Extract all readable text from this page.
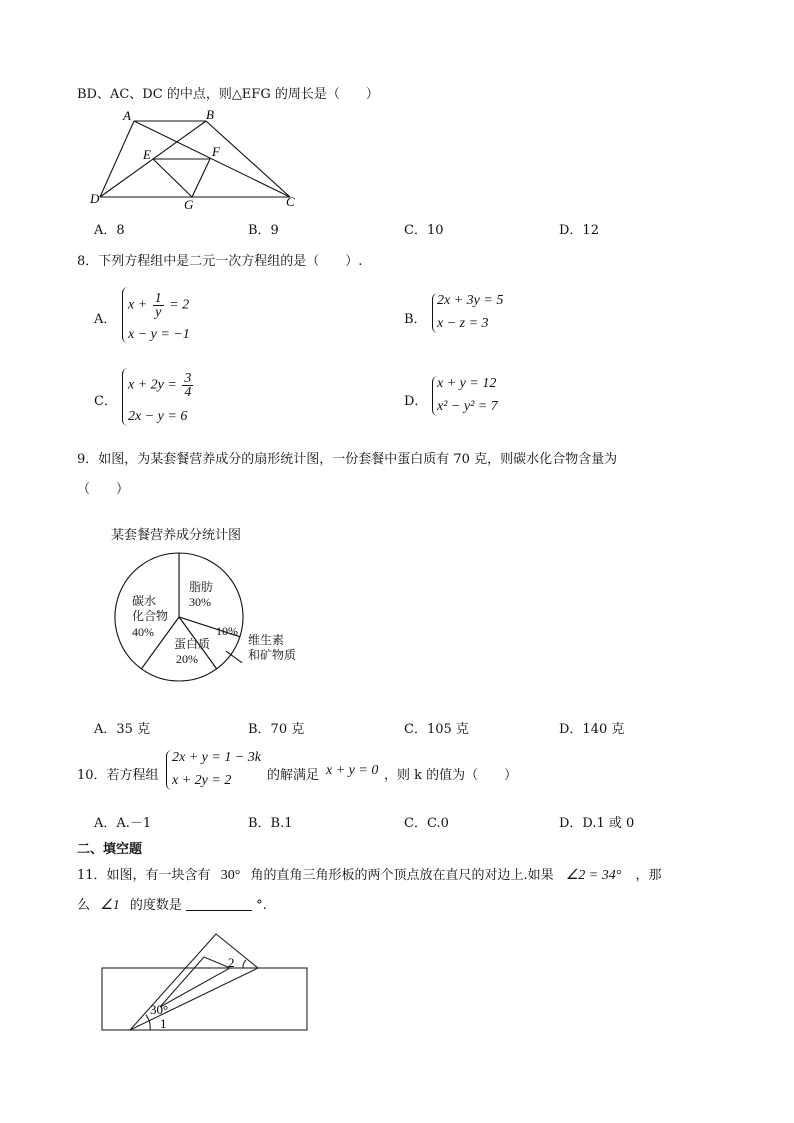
BD、AC、DC 的中点，则△EFG 的周长是（　　）
A	B
D	C
E	F
G
A．8	B．9	C．10	D．12
8．下列方程组中是二元一次方程组的是（　　）.
A．
$x + \frac{1}{y} = 2$
x − y = −1
B．
2x + 3y = 5
x − z = 3
C．
$x + 2y = \frac{3}{4}$
2x − y = 6
D．
x + y = 12
x² − y² = 7
9．如图，为某套餐营养成分的扇形统计图，一份套餐中蛋白质有 70 克，则碳水化合物含量为
（　　）
某套餐营养成分统计图
脂肪
30%
碳水
化合物
40%
蛋白质
20%
10%
维生素
和矿物质
A．35 克	B．70 克	C．105 克	D．140 克
10．若方程组
2x + y = 1 − 3k
x + 2y = 2	的解满足 x + y = 0 ，则 k 的值为（　　）
A．A.－1	B．B.1	C．C.0	D．D.1 或 0
二、填空题
11．如图，有一块含有 30° 角的直角三角形板的两个顶点放在直尺的对边上.如果 ∠2 = 34° ，那
么 ∠1 的度数是	°.
30°
1
2
